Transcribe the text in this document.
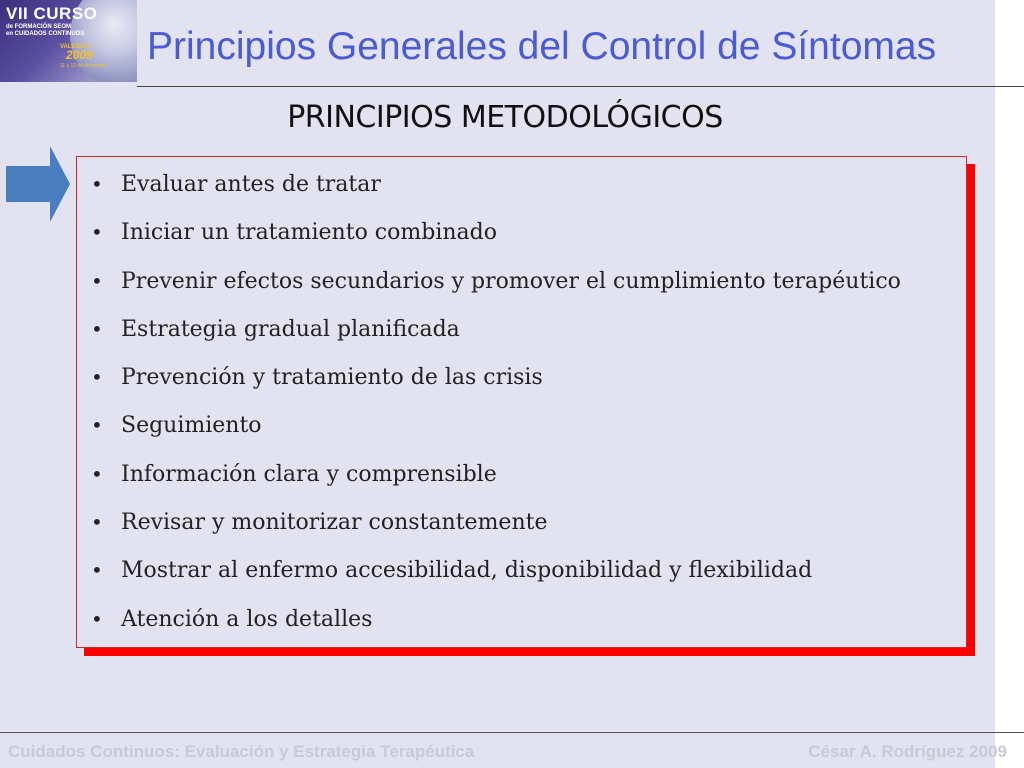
VII CURSO
de FORMACIÓN SEOM
en CUIDADOS CONTINUOS
VALENCIA
2009
11 y 12 de diciembre Principios Generales del Control de Síntomas
PRINCIPIOS METODOLÓGICOS
• Evaluar antes de tratar
• Iniciar un tratamiento combinado
• Prevenir efectos secundarios y promover el cumplimiento terapéutico
• Estrategia gradual planificada
• Prevención y tratamiento de las crisis
• Seguimiento
• Información clara y comprensible
• Revisar y monitorizar constantemente
• Mostrar al enfermo accesibilidad, disponibilidad y flexibilidad
• Atención a los detalles
Cuidados Continuos: Evaluación y Estrategia Terapéutica	César A. Rodríguez 2009
